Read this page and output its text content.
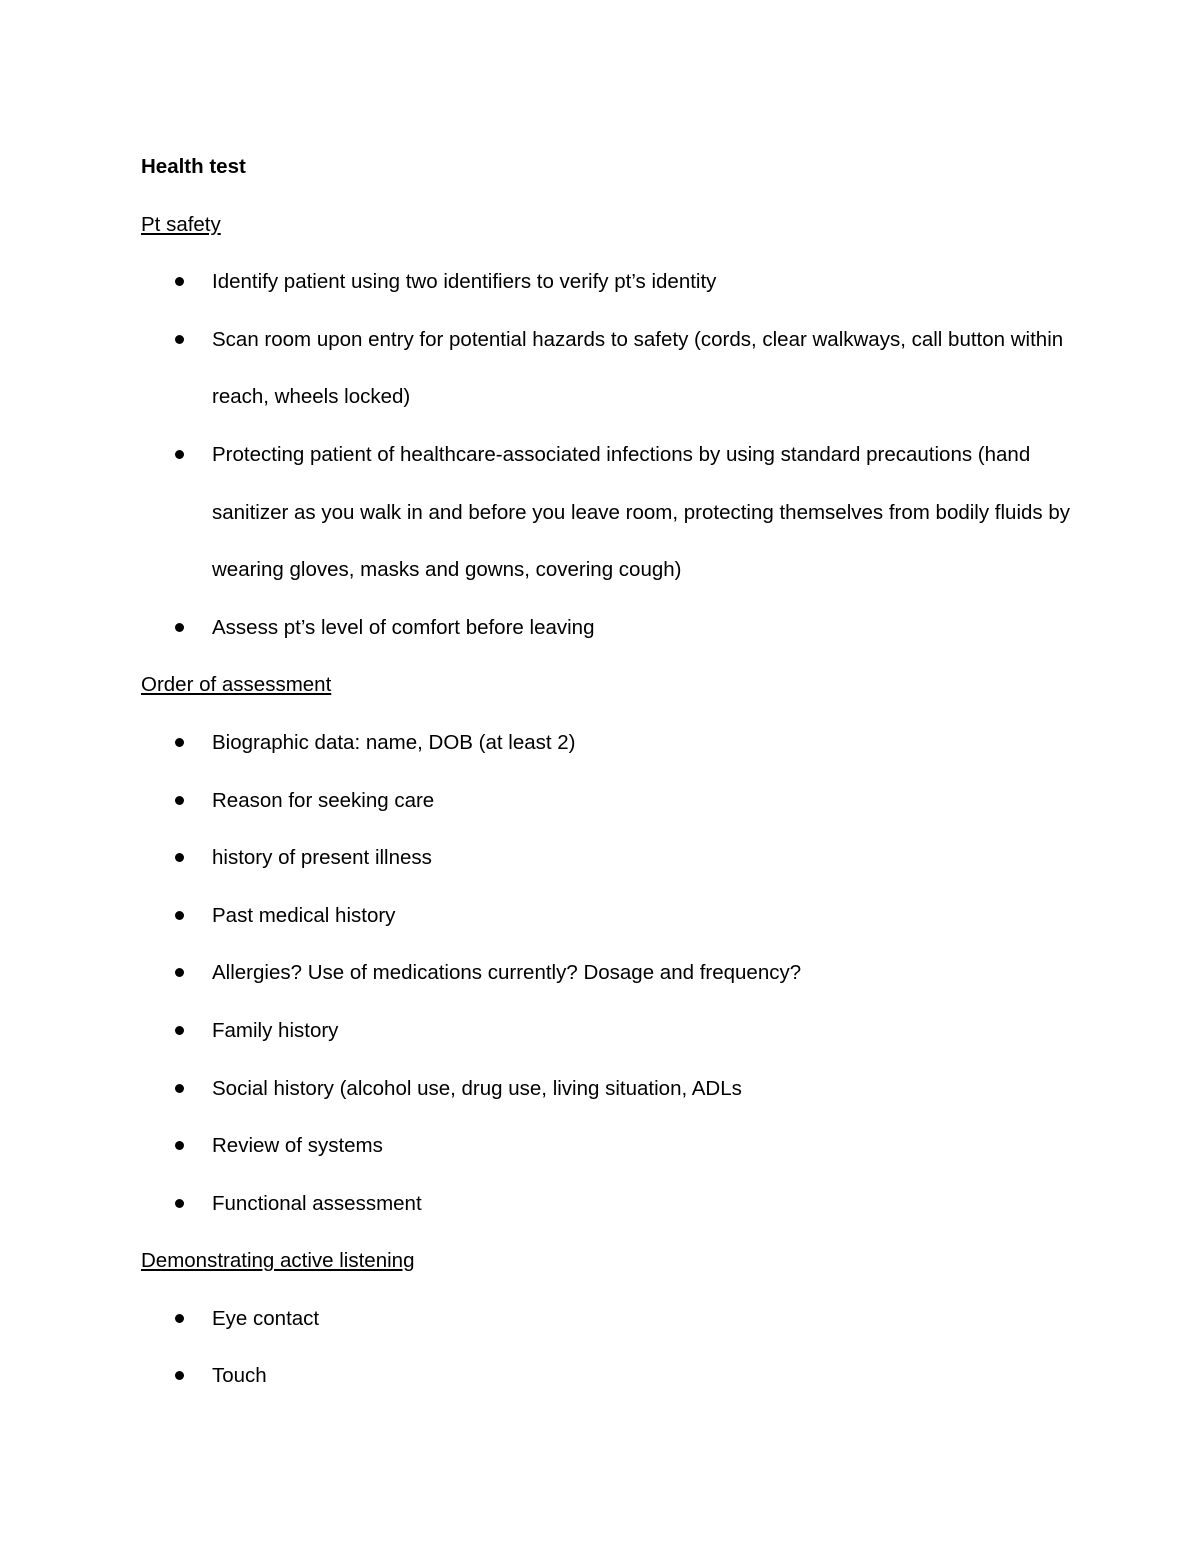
Health test

Pt safety

Identify patient using two identifiers to verify pt’s identity
Scan room upon entry for potential hazards to safety (cords, clear walkways, call button within reach, wheels locked)
Protecting patient of healthcare-associated infections by using standard precautions (hand sanitizer as you walk in and before you leave room, protecting themselves from bodily fluids by wearing gloves, masks and gowns, covering cough)
Assess pt’s level of comfort before leaving

Order of assessment

Biographic data: name, DOB (at least 2)
Reason for seeking care
history of present illness
Past medical history
Allergies? Use of medications currently? Dosage and frequency?
Family history
Social history (alcohol use, drug use, living situation, ADLs
Review of systems
Functional assessment

Demonstrating active listening

Eye contact
Touch
